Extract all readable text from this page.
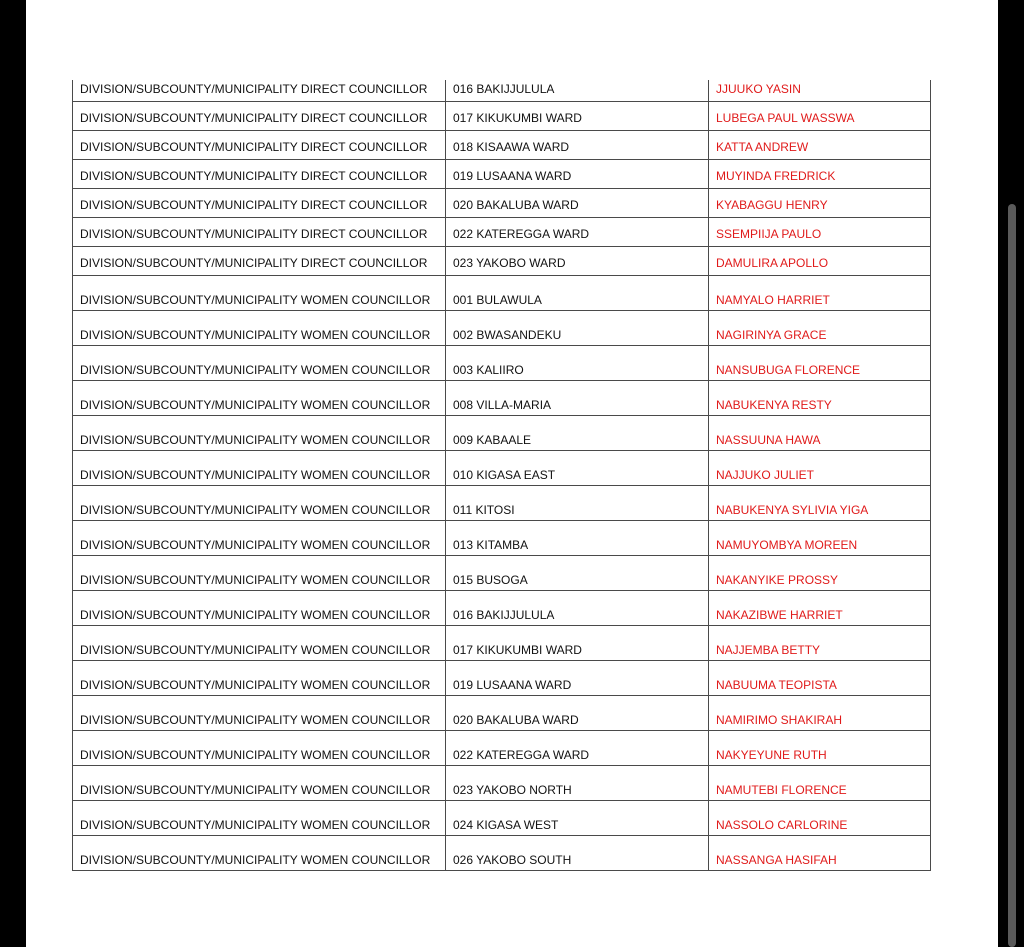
DIVISION/SUBCOUNTY/MUNICIPALITY DIRECT COUNCILLOR	016 BAKIJJULULA	JJUUKO YASIN
DIVISION/SUBCOUNTY/MUNICIPALITY DIRECT COUNCILLOR	017 KIKUKUMBI WARD	LUBEGA PAUL WASSWA
DIVISION/SUBCOUNTY/MUNICIPALITY DIRECT COUNCILLOR	018 KISAAWA WARD	KATTA ANDREW
DIVISION/SUBCOUNTY/MUNICIPALITY DIRECT COUNCILLOR	019 LUSAANA WARD	MUYINDA FREDRICK
DIVISION/SUBCOUNTY/MUNICIPALITY DIRECT COUNCILLOR	020 BAKALUBA WARD	KYABAGGU HENRY
DIVISION/SUBCOUNTY/MUNICIPALITY DIRECT COUNCILLOR	022 KATEREGGA WARD	SSEMPIIJA PAULO
DIVISION/SUBCOUNTY/MUNICIPALITY DIRECT COUNCILLOR	023 YAKOBO WARD	DAMULIRA APOLLO
DIVISION/SUBCOUNTY/MUNICIPALITY WOMEN COUNCILLOR	001 BULAWULA	NAMYALO HARRIET
DIVISION/SUBCOUNTY/MUNICIPALITY WOMEN COUNCILLOR	002 BWASANDEKU	NAGIRINYA GRACE
DIVISION/SUBCOUNTY/MUNICIPALITY WOMEN COUNCILLOR	003 KALIIRO	NANSUBUGA FLORENCE
DIVISION/SUBCOUNTY/MUNICIPALITY WOMEN COUNCILLOR	008 VILLA-MARIA	NABUKENYA RESTY
DIVISION/SUBCOUNTY/MUNICIPALITY WOMEN COUNCILLOR	009 KABAALE	NASSUUNA HAWA
DIVISION/SUBCOUNTY/MUNICIPALITY WOMEN COUNCILLOR	010 KIGASA EAST	NAJJUKO JULIET
DIVISION/SUBCOUNTY/MUNICIPALITY WOMEN COUNCILLOR	011 KITOSI	NABUKENYA SYLIVIA YIGA
DIVISION/SUBCOUNTY/MUNICIPALITY WOMEN COUNCILLOR	013 KITAMBA	NAMUYOMBYA MOREEN
DIVISION/SUBCOUNTY/MUNICIPALITY WOMEN COUNCILLOR	015 BUSOGA	NAKANYIKE PROSSY
DIVISION/SUBCOUNTY/MUNICIPALITY WOMEN COUNCILLOR	016 BAKIJJULULA	NAKAZIBWE HARRIET
DIVISION/SUBCOUNTY/MUNICIPALITY WOMEN COUNCILLOR	017 KIKUKUMBI WARD	NAJJEMBA BETTY
DIVISION/SUBCOUNTY/MUNICIPALITY WOMEN COUNCILLOR	019 LUSAANA WARD	NABUUMA TEOPISTA
DIVISION/SUBCOUNTY/MUNICIPALITY WOMEN COUNCILLOR	020 BAKALUBA WARD	NAMIRIMO SHAKIRAH
DIVISION/SUBCOUNTY/MUNICIPALITY WOMEN COUNCILLOR	022 KATEREGGA WARD	NAKYEYUNE RUTH
DIVISION/SUBCOUNTY/MUNICIPALITY WOMEN COUNCILLOR	023 YAKOBO NORTH	NAMUTEBI FLORENCE
DIVISION/SUBCOUNTY/MUNICIPALITY WOMEN COUNCILLOR	024 KIGASA WEST	NASSOLO CARLORINE
DIVISION/SUBCOUNTY/MUNICIPALITY WOMEN COUNCILLOR	026 YAKOBO SOUTH	NASSANGA HASIFAH
